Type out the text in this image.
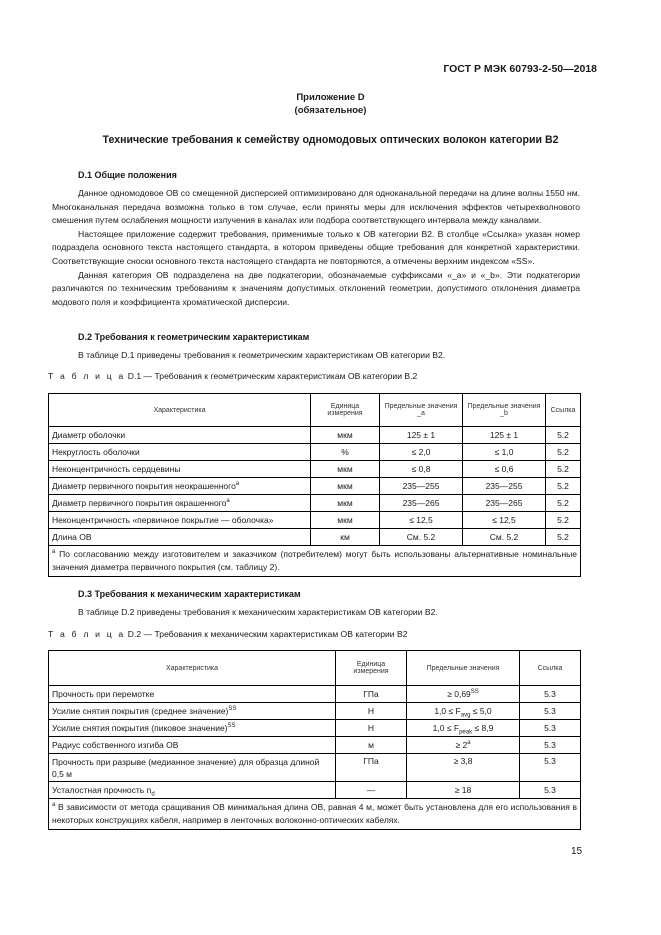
ГОСТ Р МЭК 60793-2-50—2018
Приложение D
(обязательное)
Технические требования к семейству одномодовых оптических волокон категории B2
D.1 Общие положения

Данное одномодовое ОВ со смещенной дисперсией оптимизировано для одноканальной передачи на длине волны 1550 нм. Многоканальная передача возможна только в том случае, если приняты меры для исключения эффектов четырехволнового смешения путем ослабления мощности излучения в каналах или подбора соответствующего интервала между каналами.

Настоящее приложение содержит требования, применимые только к ОВ категории B2. В столбце «Ссылка» указан номер подраздела основного текста настоящего стандарта, в котором приведены общие требования для конкретной характеристики. Соответствующие сноски основного текста настоящего стандарта не повторяются, а отмечены верхним индексом «SS».

Данная категория ОВ подразделена на две подкатегории, обозначаемые суффиксами «_a» и «_b». Эти подкатегории различаются по техническим требованиям к значениям допустимых отклонений геометрии, допустимого отклонения диаметра модового поля и коэффициента хроматической дисперсии.

D.2 Требования к геометрическим характеристикам
В таблице D.1 приведены требования к геометрическим характеристикам ОВ категории B2.
Т а б л и ц а D.1 — Требования к геометрическим характеристикам ОВ категории B.2
Характеристика	Единица измерения	Предельные значения _a	Предельные значения _b	Ссылка
Диаметр оболочки	мкм	125 ± 1	125 ± 1	5.2
Некруглость оболочки	%	≤ 2,0	≤ 1,0	5.2
Неконцентричность сердцевины	мкм	≤ 0,8	≤ 0,6	5.2
Диаметр первичного покрытия неокрашенного$^a$	мкм	235—255	235—255	5.2
Диаметр первичного покрытия окрашенного$^a$	мкм	235—265	235—265	5.2
Неконцентричность «первичное покрытие — оболочка»	мкм	≤ 12,5	≤ 12,5	5.2
Длина ОВ	км	См. 5.2	См. 5.2	5.2
$^a$ По согласованию между изготовителем и заказчиком (потребителем) могут быть использованы альтернативные номинальные значения диаметра первичного покрытия (см. таблицу 2).				
D.3 Требования к механическим характеристикам
В таблице D.2 приведены требования к механическим характеристикам ОВ категории B2.
Т а б л и ц а D.2 — Требования к механическим характеристикам ОВ категории B2
Характеристика	Единица измерения	Предельные значения	Ссылка
Прочность при перемотке	ГПа	≥ $0,69^{SS}$	5.3
Усилие снятия покрытия (среднее значение)$^{SS}$	Н	$1,0 \le F_{avg} \le 5,0$	5.3
Усилие снятия покрытия (пиковое значение)$^{SS}$	Н	$1,0 \le F_{peak} \le 8,9$	5.3
Радиус собственного изгиба ОВ	м	≥ $2^a$	5.3
Прочность при разрыве (медианное значение) для образца длиной 0,5 м	ГПа	≥ 3,8	5.3
Усталостная прочность $n_d$	—	≥ 18	5.3
$^a$ В зависимости от метода сращивания ОВ минимальная длина ОВ, равная 4 м, может быть установлена для его использования в некоторых конструкциях кабеля, например в ленточных волоконно-оптических кабелях.			
15
